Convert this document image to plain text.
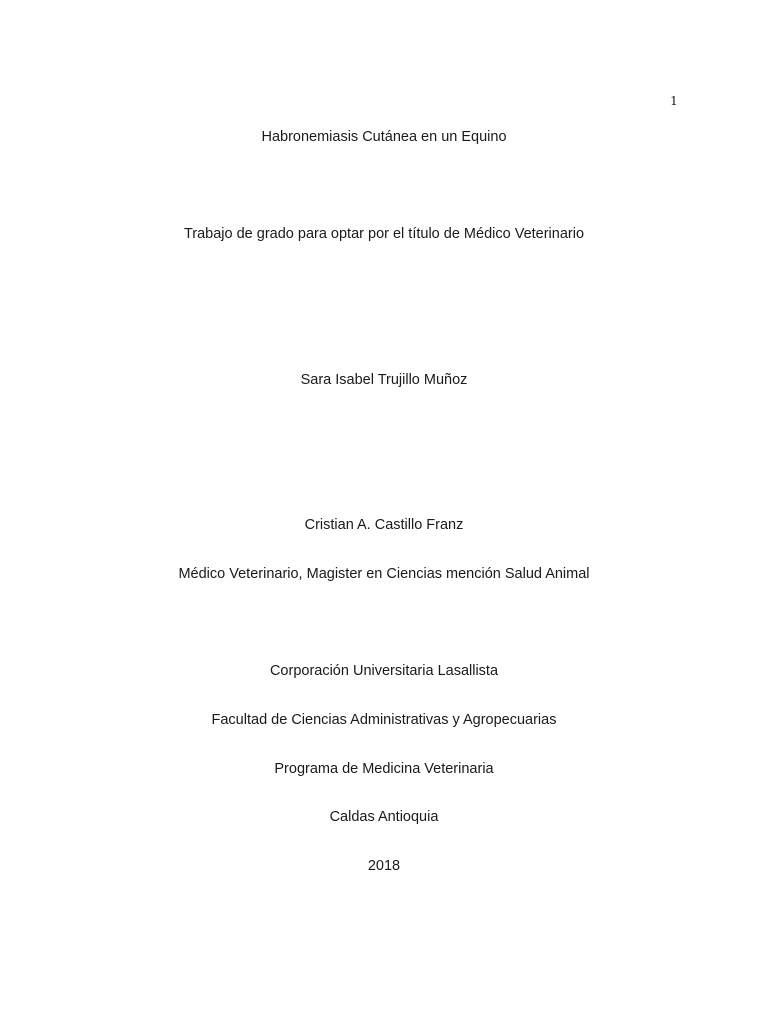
1
Habronemiasis Cutánea en un Equino
Trabajo de grado para optar por el título de Médico Veterinario
Sara Isabel Trujillo Muñoz
Cristian A. Castillo Franz
Médico Veterinario, Magister en Ciencias mención Salud Animal
Corporación Universitaria Lasallista
Facultad de Ciencias Administrativas y Agropecuarias
Programa de Medicina Veterinaria
Caldas Antioquia
2018
